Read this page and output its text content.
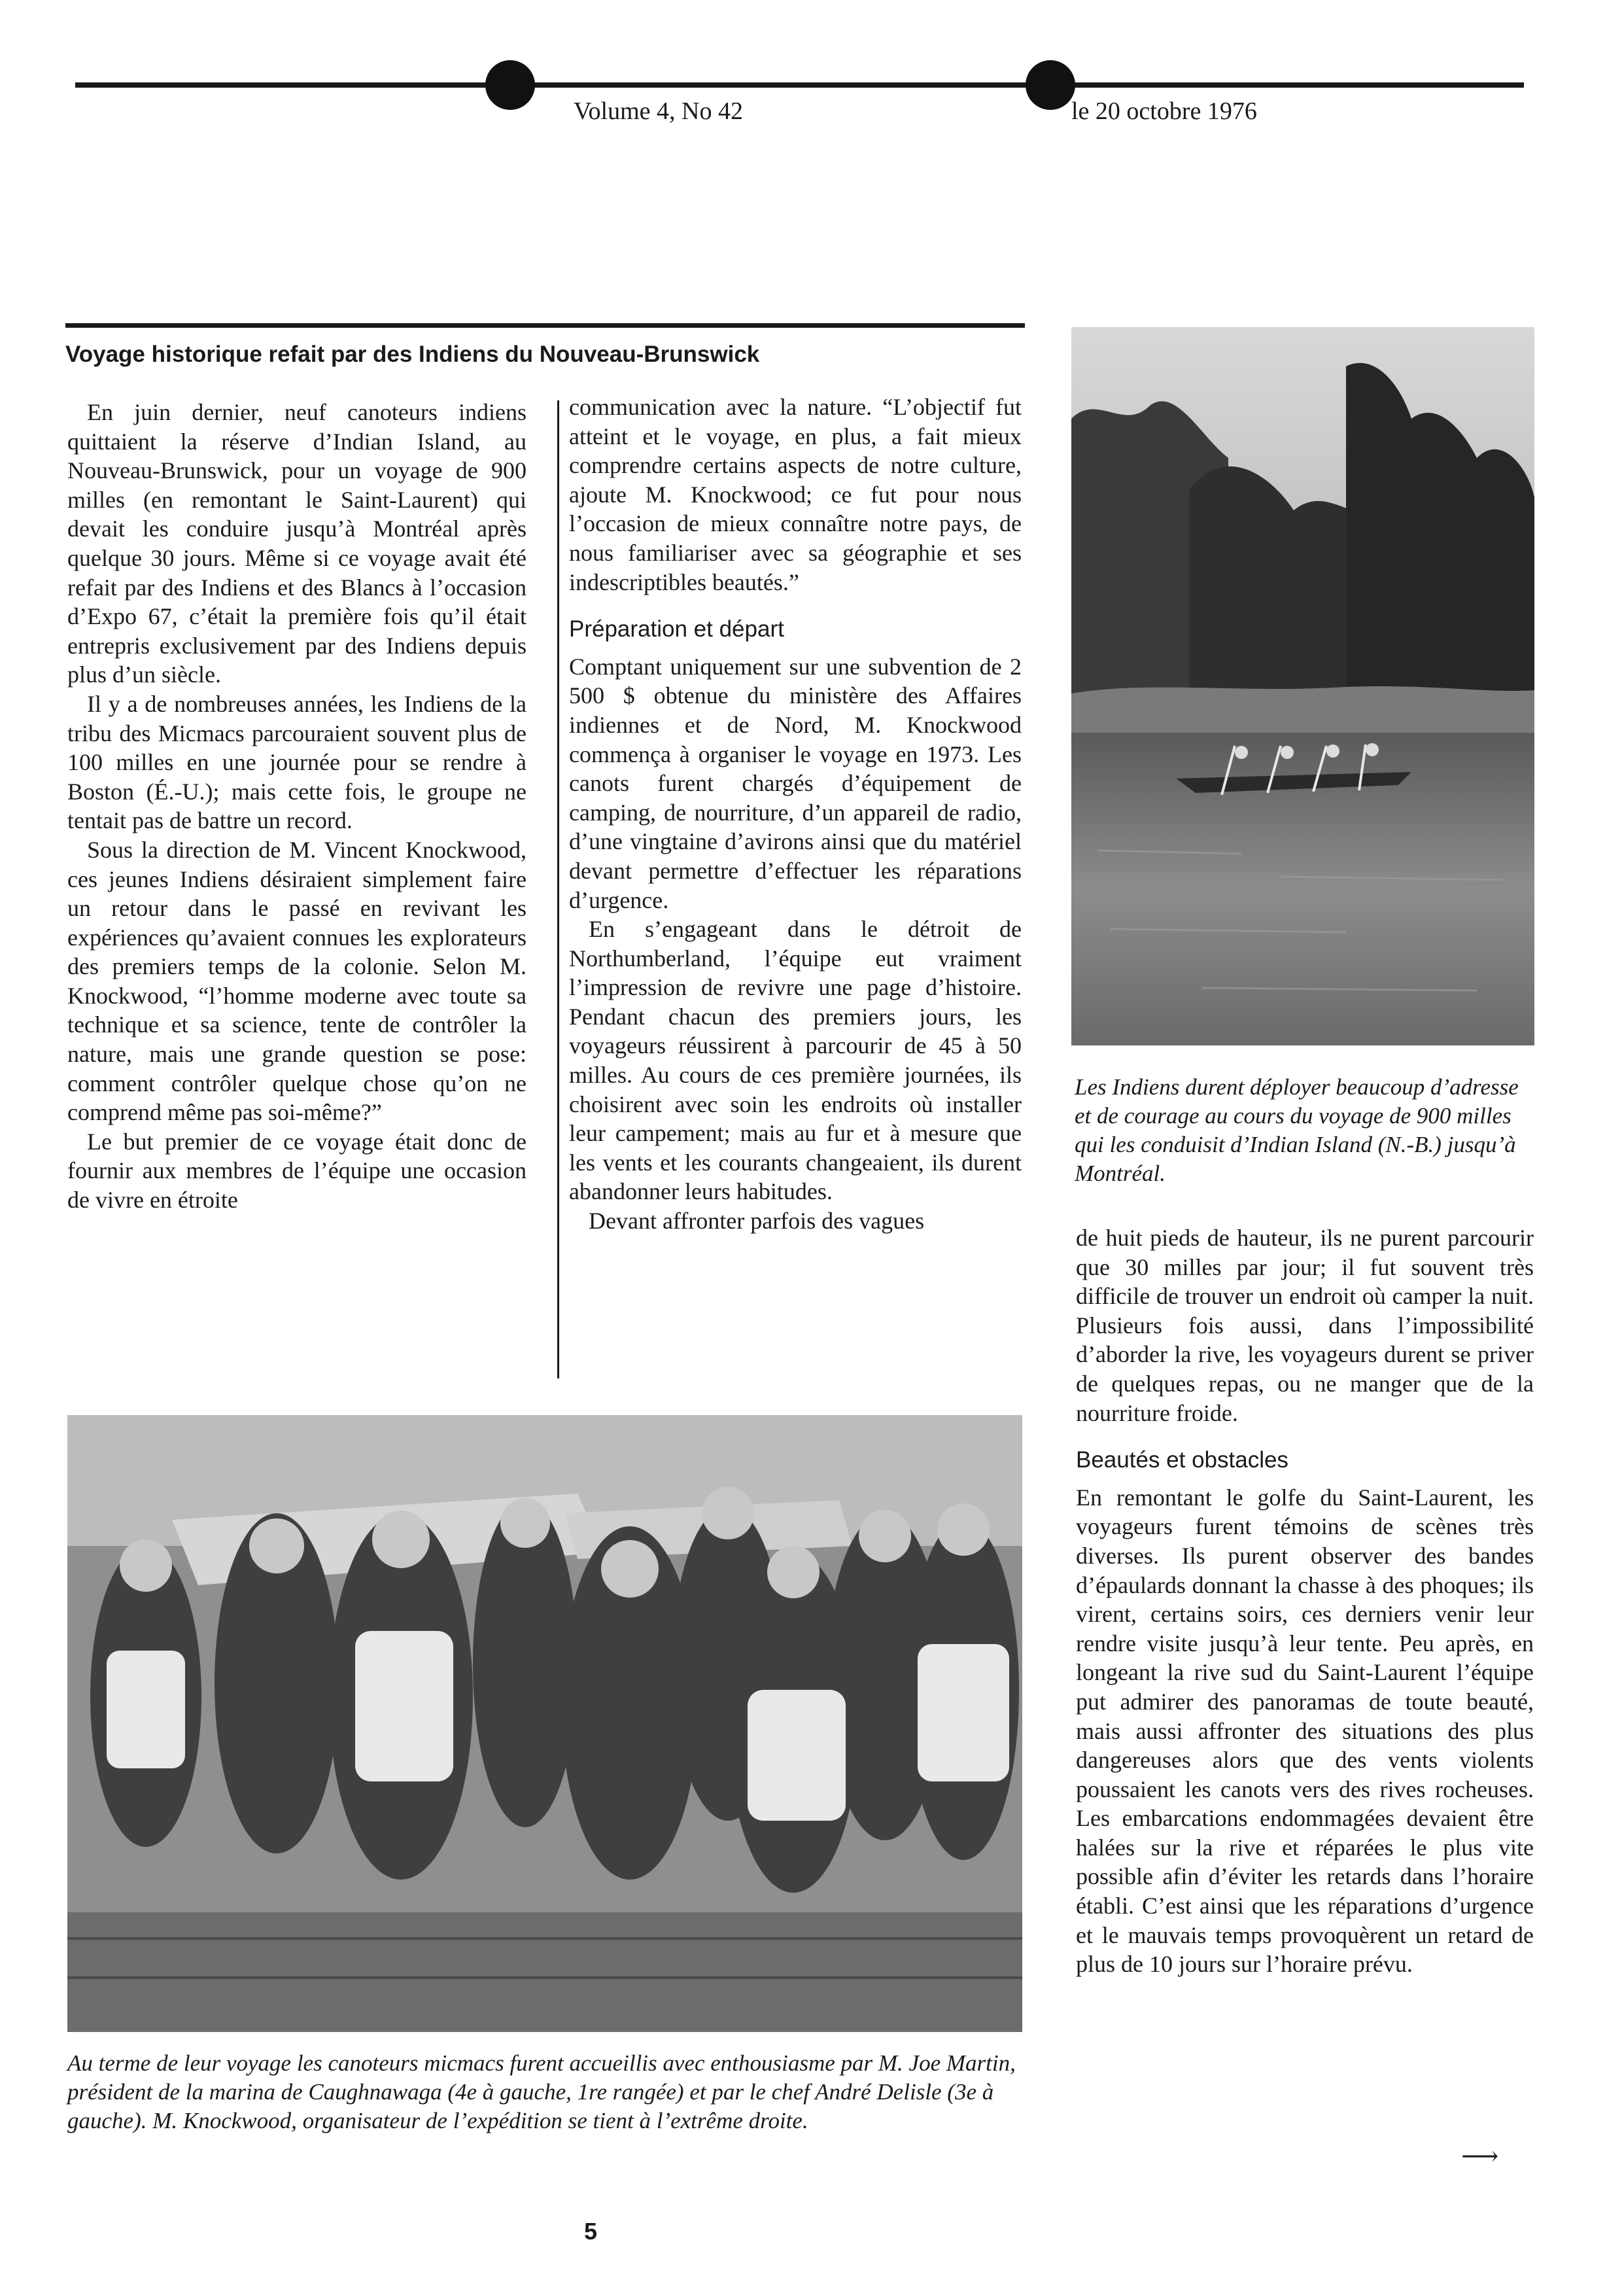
Volume 4, No 42	le 20 octobre 1976
Voyage historique refait par des Indiens du Nouveau-Brunswick

En juin dernier, neuf canoteurs indiens quittaient la réserve d’Indian Island, au Nouveau-Brunswick, pour un voyage de 900 milles (en remontant le Saint-Laurent) qui devait les conduire jusqu’à Montréal après quelque 30 jours. Même si ce voyage avait été refait par des Indiens et des Blancs à l’occasion d’Expo 67, c’était la première fois qu’il était entrepris exclusivement par des Indiens depuis plus d’un siècle.

Il y a de nombreuses années, les Indiens de la tribu des Micmacs parcouraient souvent plus de 100 milles en une journée pour se rendre à Boston (É.-U.); mais cette fois, le groupe ne tentait pas de battre un record.

Sous la direction de M. Vincent Knockwood, ces jeunes Indiens désiraient simplement faire un retour dans le passé en revivant les expériences qu’avaient connues les explorateurs des premiers temps de la colonie. Selon M. Knockwood, “l’homme moderne avec toute sa technique et sa science, tente de contrôler la nature, mais une grande question se pose: comment contrôler quelque chose qu’on ne comprend même pas soi-même?”

Le but premier de ce voyage était donc de fournir aux membres de l’équipe une occasion de vivre en étroite

communication avec la nature. “L’objectif fut atteint et le voyage, en plus, a fait mieux comprendre certains aspects de notre culture, ajoute M. Knockwood; ce fut pour nous l’occasion de mieux connaître notre pays, de nous familiariser avec sa géographie et ses indescriptibles beautés.”

Préparation et départ

Comptant uniquement sur une subvention de 2 500 $ obtenue du ministère des Affaires indiennes et de Nord, M. Knockwood commença à organiser le voyage en 1973. Les canots furent chargés d’équipement de camping, de nourriture, d’un appareil de radio, d’une vingtaine d’avirons ainsi que du matériel devant permettre d’effectuer les réparations d’urgence.

En s’engageant dans le détroit de Northumberland, l’équipe eut vraiment l’impression de revivre une page d’histoire. Pendant chacun des premiers jours, les voyageurs réussirent à parcourir de 45 à 50 milles. Au cours de ces première journées, ils choisirent avec soin les endroits où installer leur campement; mais au fur et à mesure que les vents et les courants changeaient, ils durent abandonner leurs habitudes.

Devant affronter parfois des vagues

Les Indiens durent déployer beaucoup d’adresse et de courage au cours du voyage de 900 milles qui les conduisit d’Indian Island (N.-B.) jusqu’à Montréal.

de huit pieds de hauteur, ils ne purent parcourir que 30 milles par jour; il fut souvent très difficile de trouver un endroit où camper la nuit. Plusieurs fois aussi, dans l’impossibilité d’aborder la rive, les voyageurs durent se priver de quelques repas, ou ne manger que de la nourriture froide.

Beautés et obstacles

En remontant le golfe du Saint-Laurent, les voyageurs furent témoins de scènes très diverses. Ils purent observer des bandes d’épaulards donnant la chasse à des phoques; ils virent, certains soirs, ces derniers venir leur rendre visite jusqu’à leur tente. Peu après, en longeant la rive sud du Saint-Laurent l’équipe put admirer des panoramas de toute beauté, mais aussi affronter des situations des plus dangereuses alors que des vents violents poussaient les canots vers des rives rocheuses. Les embarcations endommagées devaient être halées sur la rive et réparées le plus vite possible afin d’éviter les retards dans l’horaire établi. C’est ainsi que les réparations d’urgence et le mauvais temps provoquèrent un retard de plus de 10 jours sur l’horaire prévu.

⟶
Au terme de leur voyage les canoteurs micmacs furent accueillis avec enthousiasme par M. Joe Martin, président de la marina de Caughnawaga (4e à gauche, 1re rangée) et par le chef André Delisle (3e à gauche). M. Knockwood, organisateur de l’expédition se tient à l’extrême droite.
5
